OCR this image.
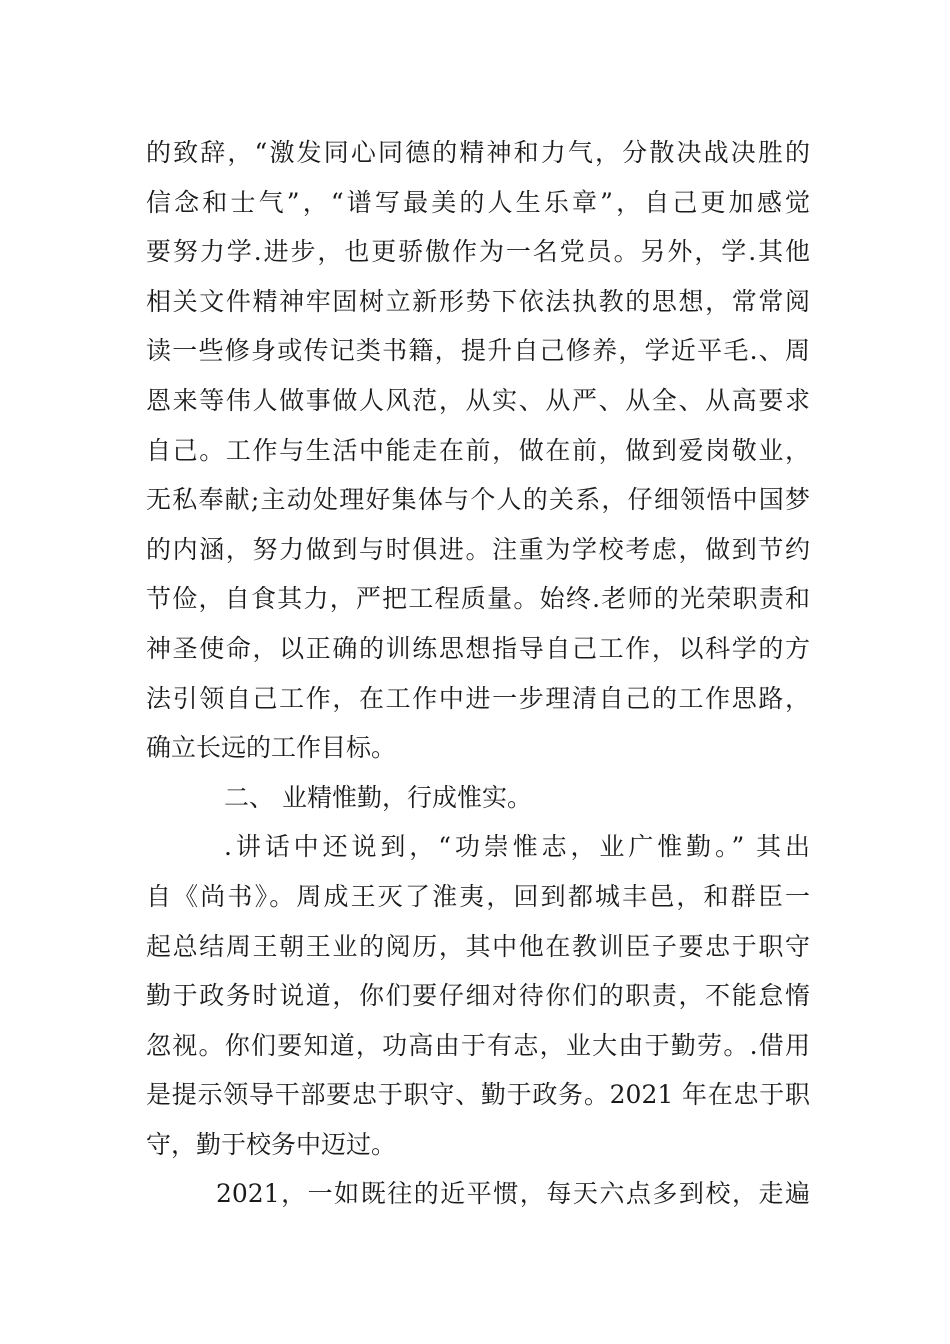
的致辞，“激发同心同德的精神和力气，分散决战决胜的
信念和士气”，“谱写最美的人生乐章”，自己更加感觉
要努力学.进步，也更骄傲作为一名党员。另外，学.其他
相关文件精神牢固树立新形势下依法执教的思想，常常阅
读一些修身或传记类书籍，提升自己修养，学近平毛.、周
恩来等伟人做事做人风范，从实、从严、从全、从高要求
自己。工作与生活中能走在前，做在前，做到爱岗敬业，
无私奉献;主动处理好集体与个人的关系，仔细领悟中国梦
的内涵，努力做到与时俱进。注重为学校考虑，做到节约
节俭，自食其力，严把工程质量。始终.老师的光荣职责和
神圣使命，以正确的训练思想指导自己工作，以科学的方
法引领自己工作，在工作中进一步理清自己的工作思路，
确立长远的工作目标。
二、 业精惟勤，行成惟实。
.讲话中还说到，“功崇惟志，业广惟勤。” 其出
自《尚书》。周成王灭了淮夷，回到都城丰邑，和群臣一
起总结周王朝王业的阅历，其中他在教训臣子要忠于职守
勤于政务时说道，你们要仔细对待你们的职责，不能怠惰
忽视。你们要知道，功高由于有志，业大由于勤劳。.借用
是提示领导干部要忠于职守、勤于政务。2021 年在忠于职
守，勤于校务中迈过。
2021，一如既往的近平惯，每天六点多到校，走遍
